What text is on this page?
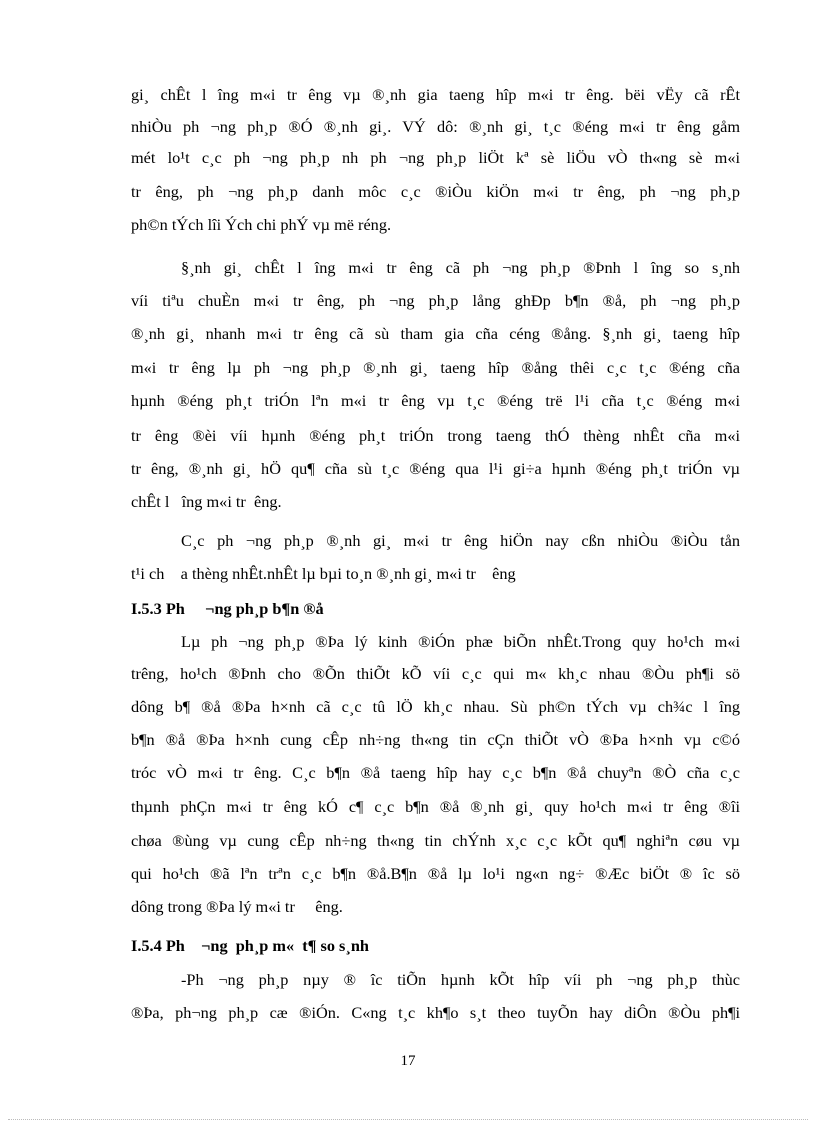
gi¸ chÊt l îng m«i tr êng vµ ®¸nh gia taeng hîp m«i tr êng. bëi vËy cã rÊt
nhiÒu ph ¬ng ph¸p ®Ó ®¸nh gi¸. VÝ dô: ®¸nh gi¸ t¸c ®éng m«i tr êng gåm
mét lo¹t c¸c ph ¬ng ph¸p nh ph ¬ng ph¸p liÖt kª sè liÖu vÒ th«ng sè m«i
tr êng, ph ¬ng ph¸p danh môc c¸c ®iÒu kiÖn m«i tr êng, ph ¬ng ph¸p
ph©n tÝch lîi Ých chi phÝ vµ më réng.
§¸nh gi¸ chÊt l îng m«i tr êng cã ph ¬ng ph¸p ®Þnh l îng so s¸nh
víi tiªu chuÈn m«i tr êng, ph ¬ng ph¸p lång ghÐp b¶n ®å, ph ¬ng ph¸p
®¸nh gi¸ nhanh m«i tr êng cã sù tham gia cña céng ®ång. §¸nh gi¸ taeng hîp
m«i tr êng lµ ph ¬ng ph¸p ®¸nh gi¸ taeng hîp ®ång thêi c¸c t¸c ®éng cña
hµnh ®éng ph¸t triÓn lªn m«i tr êng vµ t¸c ®éng trë l¹i cña t¸c ®éng m«i
tr êng ®èi víi hµnh ®éng ph¸t triÓn trong taeng thÓ thèng nhÊt cña m«i
tr êng, ®¸nh gi¸ hÖ qu¶ cña sù t¸c ®éng qua l¹i gi÷a hµnh ®éng ph¸t triÓn vµ
chÊt l   îng m«i tr  êng.
C¸c ph ¬ng ph¸p ®¸nh gi¸ m«i tr êng hiÖn nay cßn nhiÒu ®iÒu tån
t¹i ch    a thèng nhÊt.nhÊt lµ bµi to¸n ®¸nh gi¸ m«i tr    êng
I.5.3 Ph     ¬ng ph¸p b¶n ®å
Lµ ph ¬ng ph¸p ®Þa lý kinh ®iÓn phæ biÕn nhÊt.Trong quy ho¹ch m«i
trêng, ho¹ch ®Þnh cho ®Õn thiÕt kÕ víi c¸c qui m« kh¸c nhau ®Òu ph¶i sö
dông b¶ ®å ®Þa h×nh cã c¸c tû lÖ kh¸c nhau. Sù ph©n tÝch vµ ch¾c l îng
b¶n ®å ®Þa h×nh cung cÊp nh÷ng th«ng tin cÇn thiÕt vÒ ®Þa h×nh vµ c©ó
tróc vÒ m«i tr êng. C¸c b¶n ®å taeng hîp hay c¸c b¶n ®å chuyªn ®Ò cña c¸c
thµnh phÇn m«i tr êng kÓ c¶ c¸c b¶n ®å ®¸nh gi¸ quy ho¹ch m«i tr êng ®îi
chøa ®ùng vµ cung cÊp nh÷ng th«ng tin chÝnh x¸c c¸c kÕt qu¶ nghiªn cøu vµ
qui ho¹ch ®ã lªn trªn c¸c b¶n ®å.B¶n ®å lµ lo¹i ng«n ng÷ ®Æc biÖt ® îc sö
dông trong ®Þa lý m«i tr     êng.
I.5.4 Ph    ¬ng  ph¸p m«  t¶ so s¸nh
-Ph ¬ng ph¸p nµy ® îc tiÕn hµnh kÕt hîp víi ph ¬ng ph¸p thùc
®Þa, ph¬ng ph¸p cæ ®iÓn. C«ng t¸c kh¶o s¸t theo tuyÕn hay diÔn ®Òu ph¶i
17
